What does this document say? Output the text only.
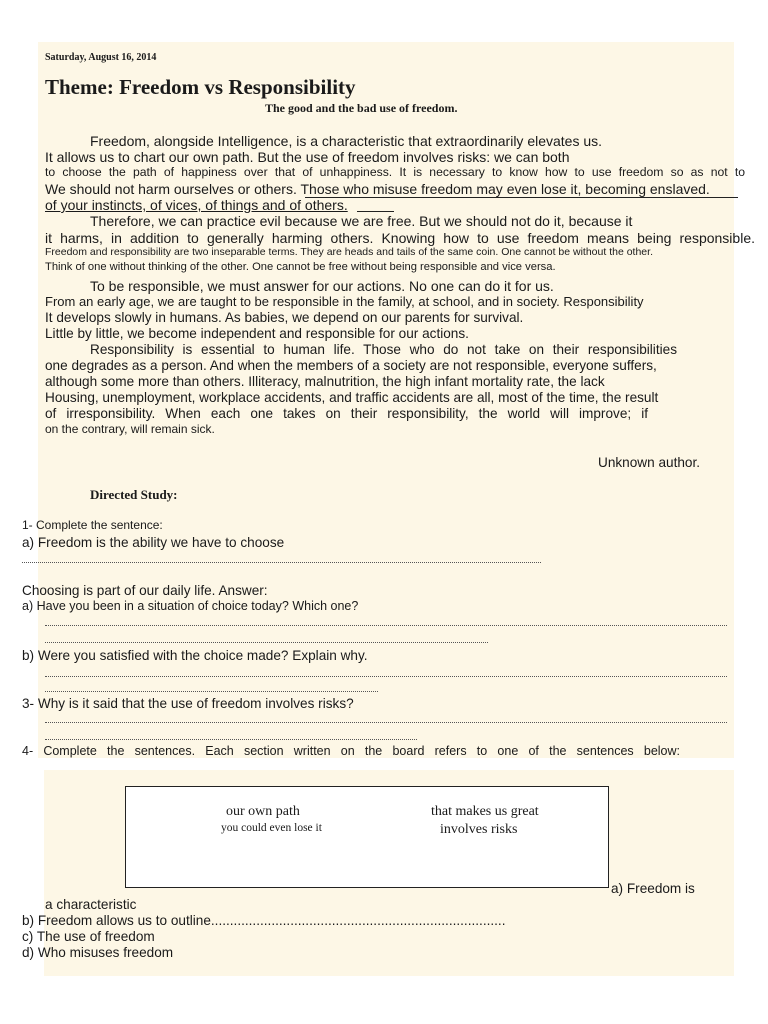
Saturday, August 16, 2014
Theme: Freedom vs Responsibility
The good and the bad use of freedom.
Freedom, alongside Intelligence, is a characteristic that extraordinarily elevates us.
It allows us to chart our own path. But the use of freedom involves risks: we can both
to choose the path of happiness over that of unhappiness. It is necessary to know how to use freedom so as not to
We should not harm ourselves or others. Those who misuse freedom may even lose it, becoming enslaved.
of your instincts, of vices, of things and of others.
Therefore, we can practice evil because we are free. But we should not do it, because it
it harms, in addition to generally harming others. Knowing how to use freedom means being responsible.
Freedom and responsibility are two inseparable terms. They are heads and tails of the same coin. One cannot be without the other.
Think of one without thinking of the other. One cannot be free without being responsible and vice versa.
To be responsible, we must answer for our actions. No one can do it for us.
From an early age, we are taught to be responsible in the family, at school, and in society. Responsibility
It develops slowly in humans. As babies, we depend on our parents for survival.
Little by little, we become independent and responsible for our actions.
Responsibility is essential to human life. Those who do not take on their responsibilities
one degrades as a person. And when the members of a society are not responsible, everyone suffers,
although some more than others. Illiteracy, malnutrition, the high infant mortality rate, the lack
Housing, unemployment, workplace accidents, and traffic accidents are all, most of the time, the result
of irresponsibility. When each one takes on their responsibility, the world will improve; if
on the contrary, will remain sick.
Unknown author.
Directed Study:
1- Complete the sentence:
a) Freedom is the ability we have to choose
Choosing is part of our daily life. Answer:
a) Have you been in a situation of choice today? Which one?
b) Were you satisfied with the choice made? Explain why.
3- Why is it said that the use of freedom involves risks?
4- Complete the sentences. Each section written on the board refers to one of the sentences below:
our own path	that makes us great
you could even lose it	involves risks
a) Freedom is
a characteristic
b) Freedom allows us to outline..............................................................................
c) The use of freedom
d) Who misuses freedom
